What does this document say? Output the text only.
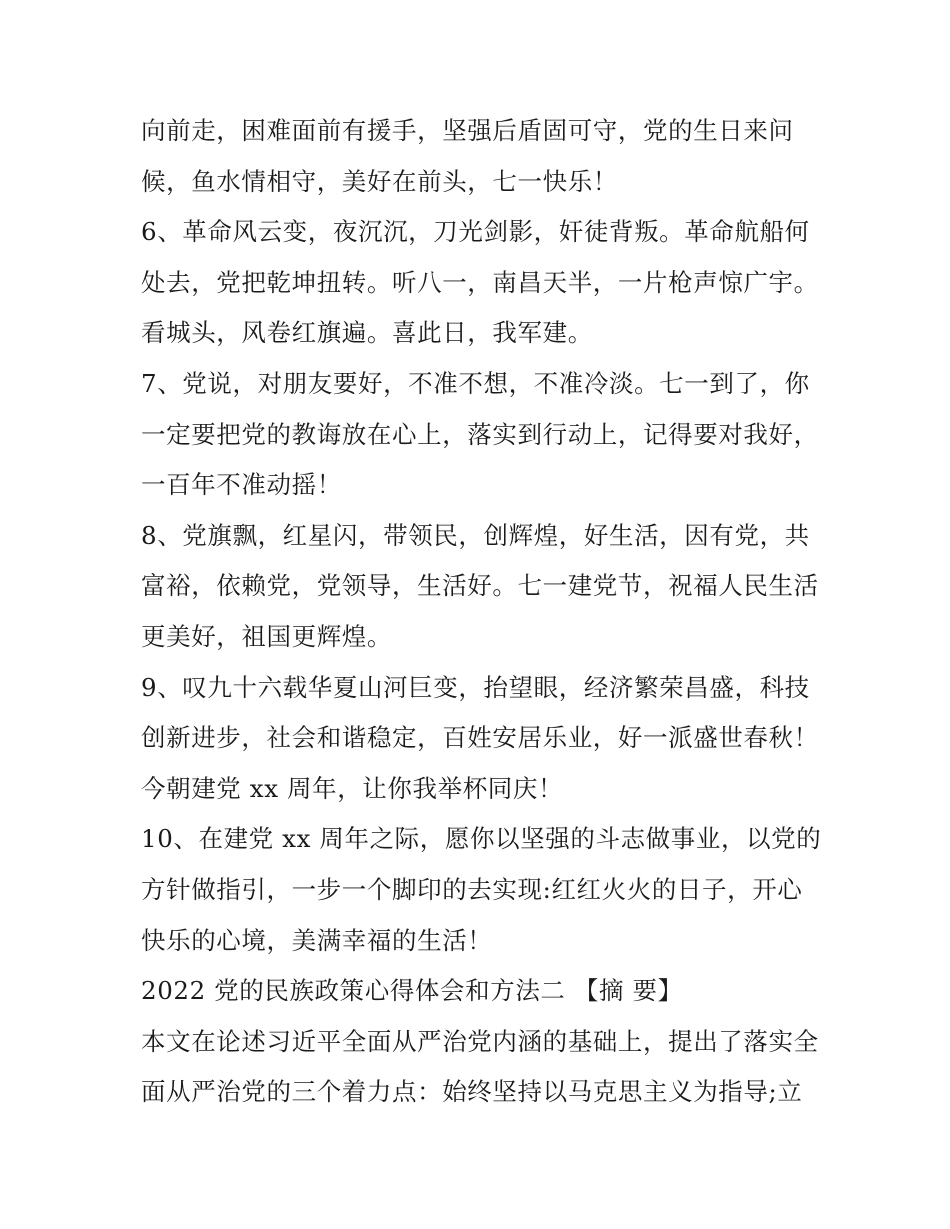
向前走，困难面前有援手，坚强后盾固可守，党的生日来问
候，鱼水情相守，美好在前头，七一快乐！
6、革命风云变，夜沉沉，刀光剑影，奸徒背叛。革命航船何
处去，党把乾坤扭转。听八一，南昌天半，一片枪声惊广宇。
看城头，风卷红旗遍。喜此日，我军建。
7、党说，对朋友要好，不准不想，不准冷淡。七一到了，你
一定要把党的教诲放在心上，落实到行动上，记得要对我好，
一百年不准动摇！
8、党旗飘，红星闪，带领民，创辉煌，好生活，因有党，共
富裕，依赖党，党领导，生活好。七一建党节，祝福人民生活
更美好，祖国更辉煌。
9、叹九十六载华夏山河巨变，抬望眼，经济繁荣昌盛，科技
创新进步，社会和谐稳定，百姓安居乐业，好一派盛世春秋！
今朝建党 xx 周年，让你我举杯同庆！
10、在建党 xx 周年之际，愿你以坚强的斗志做事业，以党的
方针做指引，一步一个脚印的去实现:红红火火的日子，开心
快乐的心境，美满幸福的生活！
2022 党的民族政策心得体会和方法二 【摘 要】
本文在论述习近平全面从严治党内涵的基础上，提出了落实全
面从严治党的三个着力点：始终坚持以马克思主义为指导;立
